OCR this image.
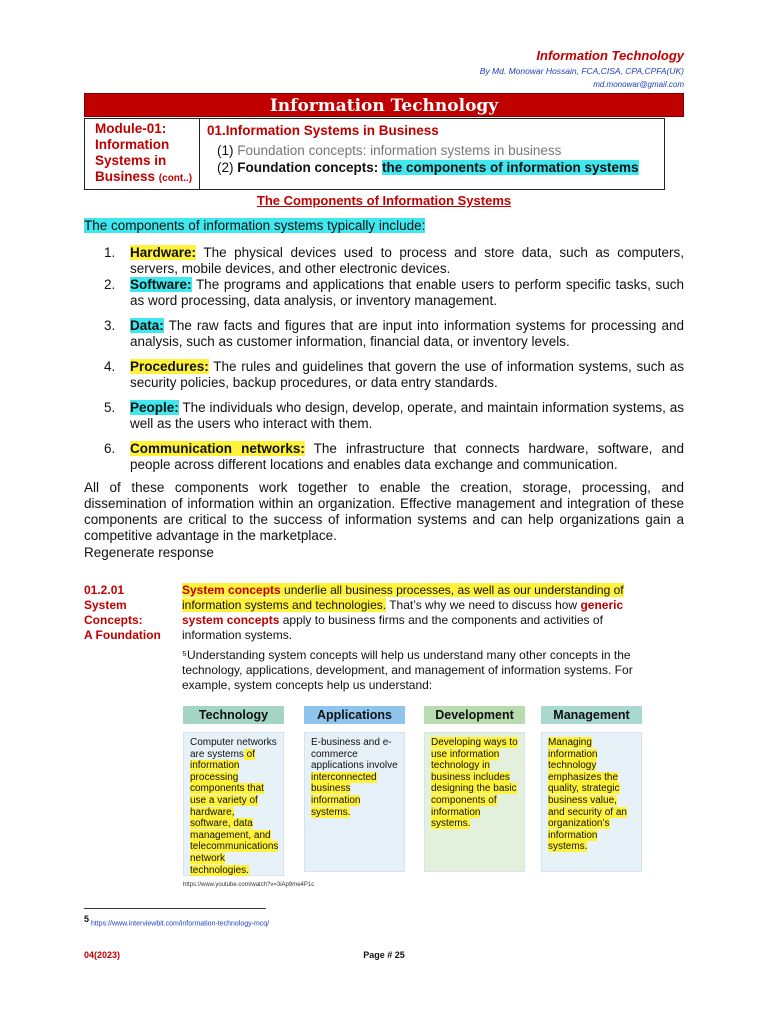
Information Technology
By Md. Monowar Hossain, FCA,CISA, CPA,CPFA(UK)
md.monowar@gmail.com
Information Technology
Module-01:
Information
Systems in
Business (cont..)
01.Information Systems in Business
(1) Foundation concepts: information systems in business
(2) Foundation concepts: the components of information systems
The Components of Information Systems
The components of information systems typically include:
1. Hardware: The physical devices used to process and store data, such as computers, servers, mobile devices, and other electronic devices.
2. Software: The programs and applications that enable users to perform specific tasks, such as word processing, data analysis, or inventory management.
3. Data: The raw facts and figures that are input into information systems for processing and analysis, such as customer information, financial data, or inventory levels.
4. Procedures: The rules and guidelines that govern the use of information systems, such as security policies, backup procedures, or data entry standards.
5. People: The individuals who design, develop, operate, and maintain information systems, as well as the users who interact with them.
6. Communication networks: The infrastructure that connects hardware, software, and people across different locations and enables data exchange and communication.
All of these components work together to enable the creation, storage, processing, and dissemination of information within an organization. Effective management and integration of these components are critical to the success of information systems and can help organizations gain a competitive advantage in the marketplace.
Regenerate response
01.2.01
System
Concepts:
A Foundation
System concepts underlie all business processes, as well as our understanding of information systems and technologies. That’s why we need to discuss how generic system concepts apply to business firms and the components and activities of information systems.
⁵Understanding system concepts will help us understand many other concepts in the technology, applications, development, and management of information systems. For example, system concepts help us understand:
Technology
Computer networks are systems of information processing components that use a variety of hardware, software, data management, and telecommunications network technologies.
Applications
E-business and e-commerce applications involve interconnected business information systems.
Development
Developing ways to use information technology in business includes designing the basic components of information systems.
Management
Managing information technology emphasizes the quality, strategic business value, and security of an organization’s information systems.
https://www.youtube.com/watch?v=3iAp9me4P1c
$^5$ https://www.interviewbit.com/information-technology-mcq/
04(2023)	Page # 25
